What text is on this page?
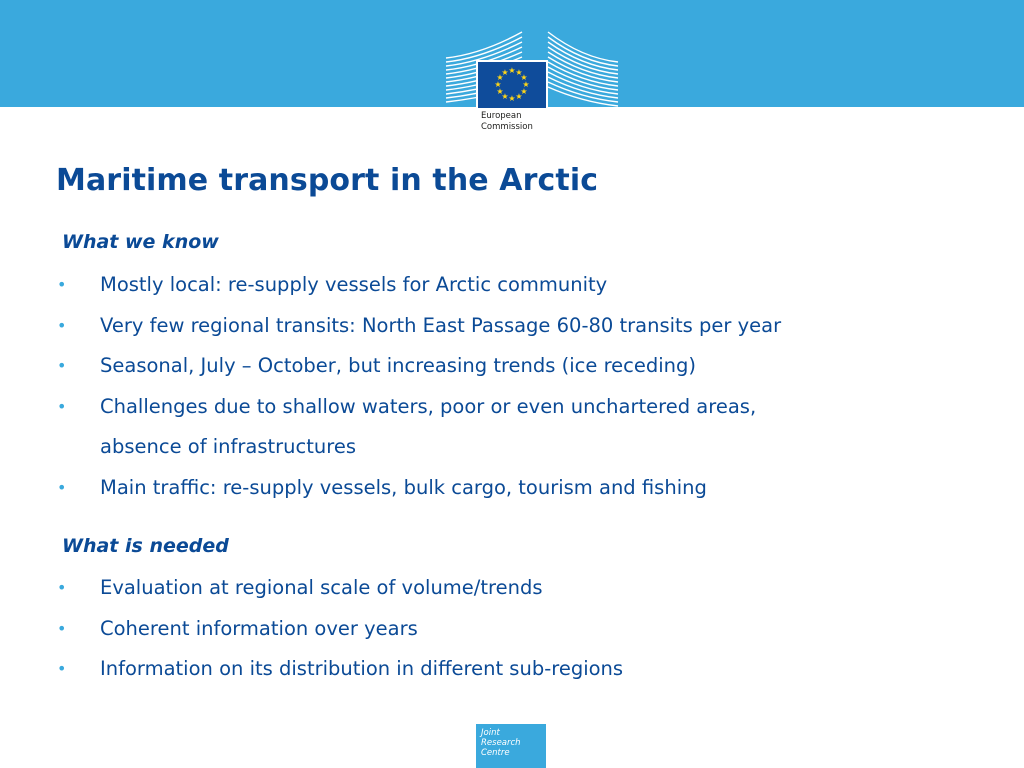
★ ★
★
★
★
★
★
★
★
★
★
★
European
Commission
Maritime transport in the Arctic
What we know
• Mostly local: re-supply vessels for Arctic community
• Very few regional transits: North East Passage 60-80 transits per year
• Seasonal, July – October, but increasing trends (ice receding)
• Challenges due to shallow waters, poor or even unchartered areas,
absence of infrastructures
• Main traffic: re-supply vessels, bulk cargo, tourism and fishing
What is needed
• Evaluation at regional scale of volume/trends
• Coherent information over years
• Information on its distribution in different sub-regions
Joint
Research
Centre
